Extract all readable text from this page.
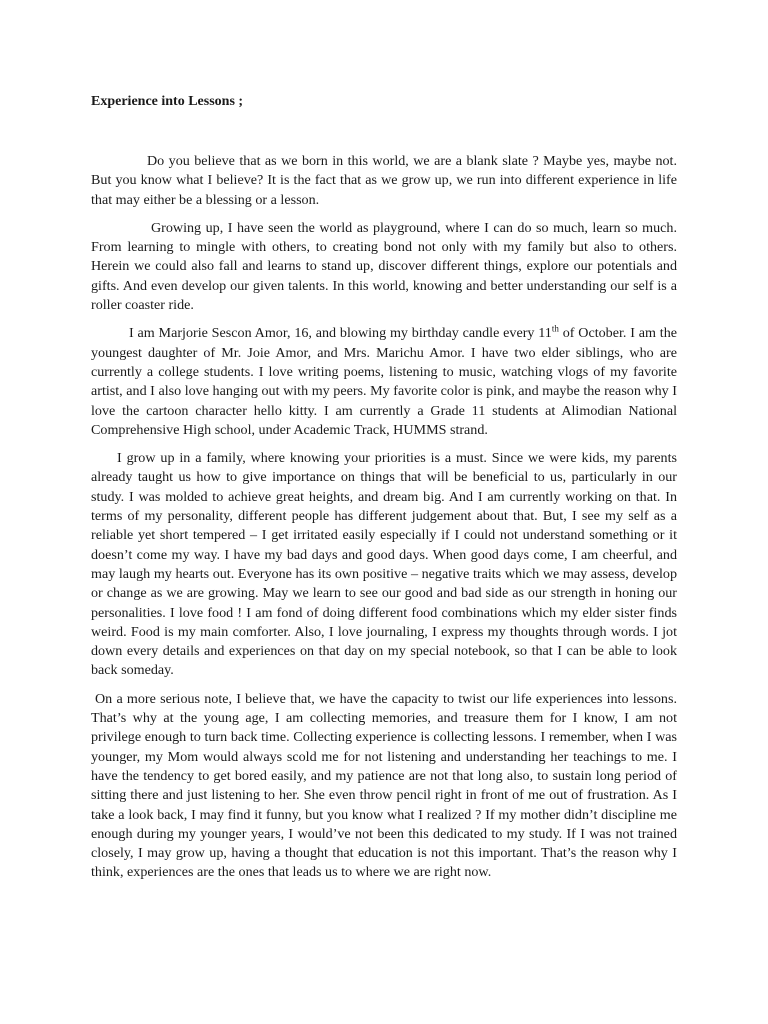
Experience into Lessons ;

Do you believe that as we born in this world, we are a blank slate ? Maybe yes, maybe not. But you know what I believe? It is the fact that as we grow up, we run into different experience in life that may either be a blessing or a lesson.

Growing up, I have seen the world as playground, where I can do so much, learn so much. From learning to mingle with others, to creating bond not only with my family but also to others. Herein we could also fall and learns to stand up, discover different things, explore our potentials and gifts. And even develop our given talents. In this world, knowing and better understanding our self is a roller coaster ride.

I am Marjorie Sescon Amor, 16, and blowing my birthday candle every 11th of October. I am the youngest daughter of Mr. Joie Amor, and Mrs. Marichu Amor. I have two elder siblings, who are currently a college students. I love writing poems, listening to music, watching vlogs of my favorite artist, and I also love hanging out with my peers. My favorite color is pink, and maybe the reason why I love the cartoon character hello kitty. I am currently a Grade 11 students at Alimodian National Comprehensive High school, under Academic Track, HUMMS strand.

I grow up in a family, where knowing your priorities is a must. Since we were kids, my parents already taught us how to give importance on things that will be beneficial to us, particularly in our study. I was molded to achieve great heights, and dream big. And I am currently working on that. In terms of my personality, different people has different judgement about that. But, I see my self as a reliable yet short tempered – I get irritated easily especially if I could not understand something or it doesn’t come my way. I have my bad days and good days. When good days come, I am cheerful, and may laugh my hearts out. Everyone has its own positive – negative traits which we may assess, develop or change as we are growing. May we learn to see our good and bad side as our strength in honing our personalities. I love food ! I am fond of doing different food combinations which my elder sister finds weird. Food is my main comforter. Also, I love journaling, I express my thoughts through words. I jot down every details and experiences on that day on my special notebook, so that I can be able to look back someday.

On a more serious note, I believe that, we have the capacity to twist our life experiences into lessons. That’s why at the young age, I am collecting memories, and treasure them for I know, I am not privilege enough to turn back time. Collecting experience is collecting lessons. I remember, when I was younger, my Mom would always scold me for not listening and understanding her teachings to me. I have the tendency to get bored easily, and my patience are not that long also, to sustain long period of sitting there and just listening to her. She even throw pencil right in front of me out of frustration. As I take a look back, I may find it funny, but you know what I realized ? If my mother didn’t discipline me enough during my younger years, I would’ve not been this dedicated to my study. If I was not trained closely, I may grow up, having a thought that education is not this important. That’s the reason why I think, experiences are the ones that leads us to where we are right now.
